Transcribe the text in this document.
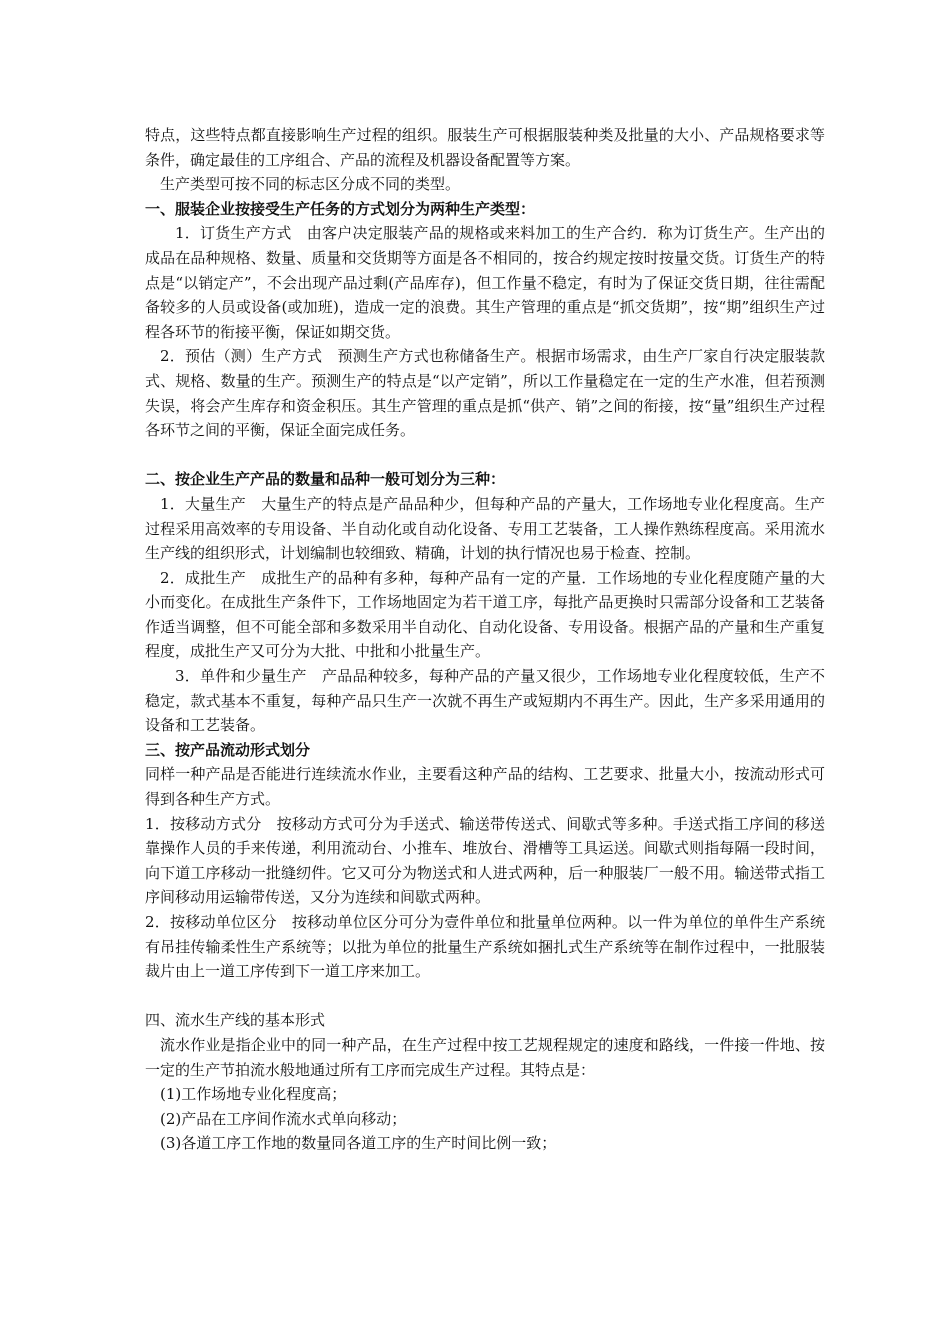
特点，这些特点都直接影响生产过程的组织。服装生产可根据服装种类及批量的大小、产品规格要求等条件，确定最佳的工序组合、产品的流程及机器设备配置等方案。

生产类型可按不同的标志区分成不同的类型。

一、服装企业按接受生产任务的方式划分为两种生产类型：

1．订货生产方式　由客户决定服装产品的规格或来料加工的生产合约．称为订货生产。生产出的成品在品种规格、数量、质量和交货期等方面是各不相同的，按合约规定按时按量交货。订货生产的特点是“以销定产”，不会出现产品过剩(产品库存)，但工作量不稳定，有时为了保证交货日期，往往需配备较多的人员或设备(或加班)，造成一定的浪费。其生产管理的重点是“抓交货期”，按“期”组织生产过程各环节的衔接平衡，保证如期交货。

2．预估（测）生产方式　预测生产方式也称储备生产。根据市场需求，由生产厂家自行决定服装款式、规格、数量的生产。预测生产的特点是“以产定销”，所以工作量稳定在一定的生产水准，但若预测失误，将会产生库存和资金积压。其生产管理的重点是抓“供产、销”之间的衔接，按“量”组织生产过程各环节之间的平衡，保证全面完成任务。

二、按企业生产产品的数量和品种一般可划分为三种：

1．大量生产　大量生产的特点是产品品种少，但每种产品的产量大，工作场地专业化程度高。生产过程采用高效率的专用设备、半自动化或自动化设备、专用工艺装备，工人操作熟练程度高。采用流水生产线的组织形式，计划编制也较细致、精确，计划的执行情况也易于检查、控制。

2．成批生产　成批生产的品种有多种，每种产品有一定的产量．工作场地的专业化程度随产量的大小而变化。在成批生产条件下，工作场地固定为若干道工序，每批产品更换时只需部分设备和工艺装备作适当调整，但不可能全部和多数采用半自动化、自动化设备、专用设备。根据产品的产量和生产重复程度，成批生产又可分为大批、中批和小批量生产。

3．单件和少量生产　产品品种较多，每种产品的产量又很少，工作场地专业化程度较低，生产不稳定，款式基本不重复，每种产品只生产一次就不再生产或短期内不再生产。因此，生产多采用通用的设备和工艺装备。

三、按产品流动形式划分

同样一种产品是否能进行连续流水作业，主要看这种产品的结构、工艺要求、批量大小，按流动形式可得到各种生产方式。

1．按移动方式分　按移动方式可分为手送式、输送带传送式、间歇式等多种。手送式指工序间的移送靠操作人员的手来传递，利用流动台、小推车、堆放台、滑槽等工具运送。间歇式则指每隔一段时间，向下道工序移动一批缝纫件。它又可分为物送式和人进式两种，后一种服装厂一般不用。输送带式指工序间移动用运输带传送，又分为连续和间歇式两种。

2．按移动单位区分　按移动单位区分可分为壹件单位和批量单位两种。以一件为单位的单件生产系统有吊挂传输柔性生产系统等；以批为单位的批量生产系统如捆扎式生产系统等在制作过程中，一批服装裁片由上一道工序传到下一道工序来加工。

四、流水生产线的基本形式

流水作业是指企业中的同一种产品，在生产过程中按工艺规程规定的速度和路线，一件接一件地、按一定的生产节拍流水般地通过所有工序而完成生产过程。其特点是：

(1)工作场地专业化程度高；

(2)产品在工序间作流水式单向移动；

(3)各道工序工作地的数量同各道工序的生产时间比例一致；
